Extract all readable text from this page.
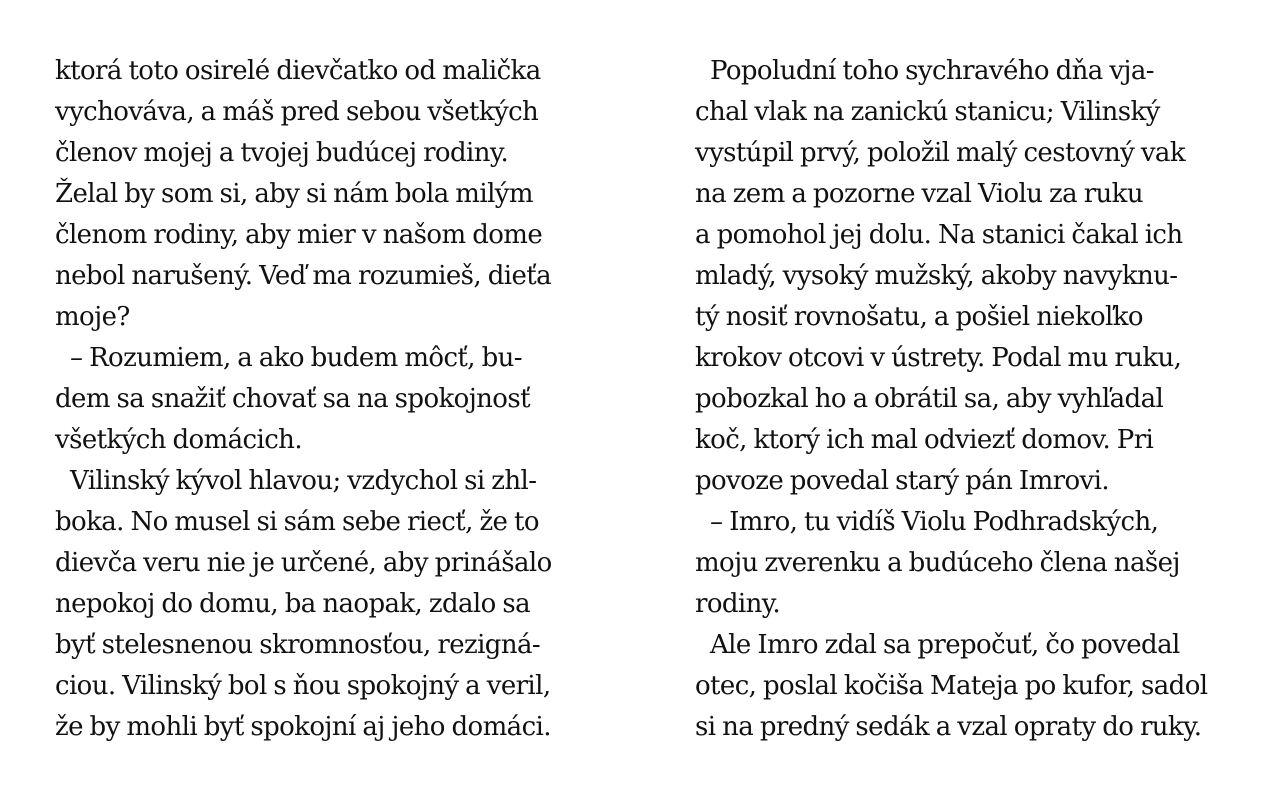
ktorá toto osirelé dievčatko od malička
vychováva, a máš pred sebou všetkých
členov mojej a tvojej budúcej rodiny.
Želal by som si, aby si nám bola milým
členom rodiny, aby mier v našom dome
nebol narušený. Veď ma rozumieš, dieťa
moje?
– Rozumiem, a ako budem môcť, bu-
dem sa snažiť chovať sa na spokojnosť
všetkých domácich.
Vilinský kývol hlavou; vzdychol si zhl-
boka. No musel si sám sebe riecť, že to
dievča veru nie je určené, aby prinášalo
nepokoj do domu, ba naopak, zdalo sa
byť stelesnenou skromnosťou, rezigná-
ciou. Vilinský bol s ňou spokojný a veril,
že by mohli byť spokojní aj jeho domáci.
Popoludní toho sychravého dňa vja-
chal vlak na zanickú stanicu; Vilinský
vystúpil prvý, položil malý cestovný vak
na zem a pozorne vzal Violu za ruku
a pomohol jej dolu. Na stanici čakal ich
mladý, vysoký mužský, akoby navyknu-
tý nosiť rovnošatu, a pošiel niekoľko
krokov otcovi v ústrety. Podal mu ruku,
pobozkal ho a obrátil sa, aby vyhľadal
koč, ktorý ich mal odviezť domov. Pri
povoze povedal starý pán Imrovi.
– Imro, tu vidíš Violu Podhradských,
moju zverenku a budúceho člena našej
rodiny.
Ale Imro zdal sa prepočuť, čo povedal
otec, poslal kočiša Mateja po kufor, sadol
si na predný sedák a vzal opraty do ruky.
